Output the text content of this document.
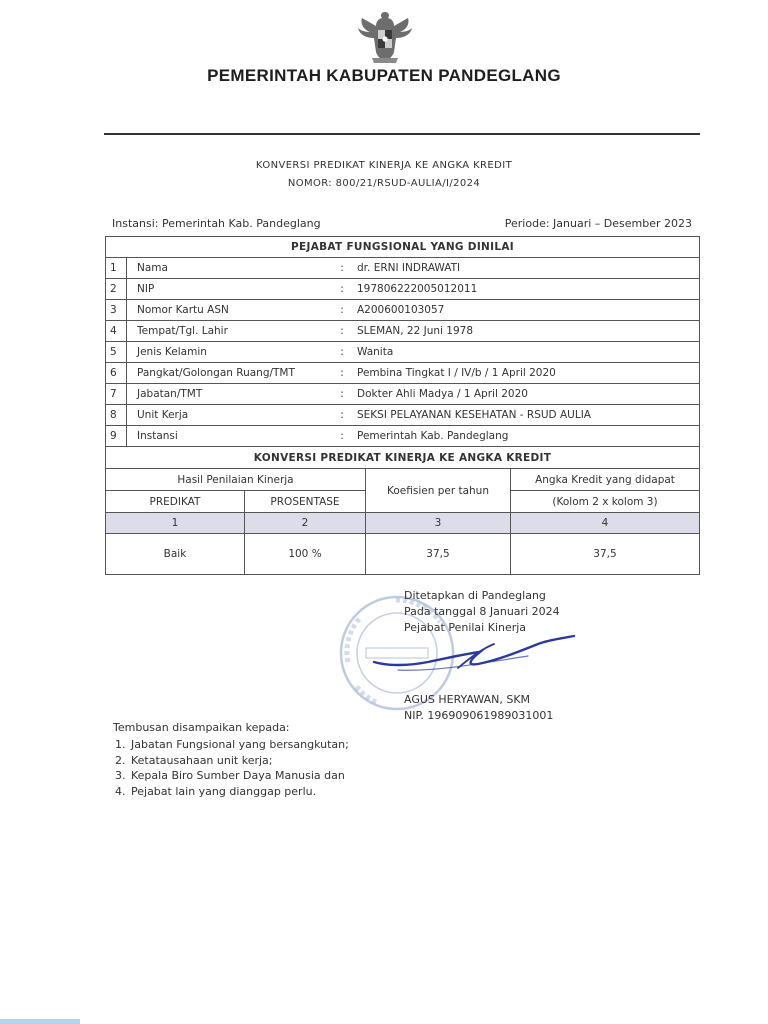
PEMERINTAH KABUPATEN PANDEGLANG
KONVERSI PREDIKAT KINERJA KE ANGKA KREDIT
NOMOR: 800/21/RSUD-AULIA/I/2024
Instansi: Pemerintah Kab. Pandeglang	Periode: Januari – Desember 2023
PEJABAT FUNGSIONAL YANG DINILAI			
1	Nama	:	dr. ERNI INDRAWATI
2	NIP	:	197806222005012011
3	Nomor Kartu ASN	:	A200600103057
4	Tempat/Tgl. Lahir	:	SLEMAN, 22 Juni 1978
5	Jenis Kelamin	:	Wanita
6	Pangkat/Golongan Ruang/TMT	:	Pembina Tingkat I / IV/b / 1 April 2020
7	Jabatan/TMT	:	Dokter Ahli Madya / 1 April 2020
8	Unit Kerja	:	SEKSI PELAYANAN KESEHATAN - RSUD AULIA
9	Instansi	:	Pemerintah Kab. Pandeglang
KONVERSI PREDIKAT KINERJA KE ANGKA KREDIT			
Hasil Penilaian Kinerja		Koefisien per tahun	Angka Kredit yang didapat
PREDIKAT	PROSENTASE		(Kolom 2 x kolom 3)
1	2	3	4
Baik	100 %	37,5	37,5
Ditetapkan di Pandeglang
Pada tanggal 8 Januari 2024
Pejabat Penilai Kinerja
AGUS HERYAWAN, SKM
NIP. 196909061989031001
Tembusan disampaikan kepada:
1. Jabatan Fungsional yang bersangkutan;
2. Ketatausahaan unit kerja;
3. Kepala Biro Sumber Daya Manusia dan
4. Pejabat lain yang dianggap perlu.
